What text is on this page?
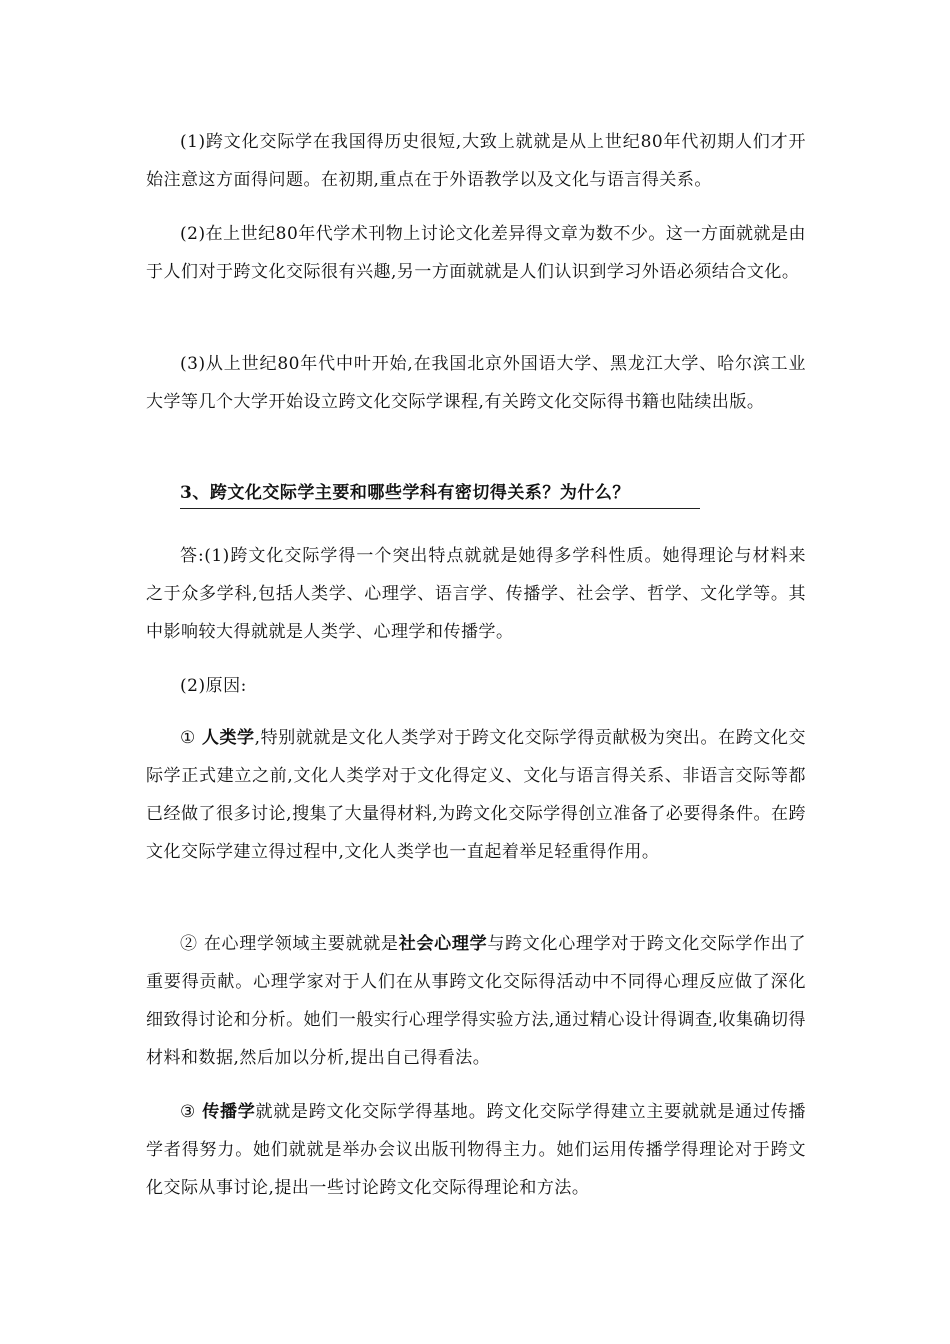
(1)跨文化交际学在我国得历史很短,大致上就就是从上世纪80年代初期人们才开始注意这方面得问题。在初期,重点在于外语教学以及文化与语言得关系。

(2)在上世纪80年代学术刊物上讨论文化差异得文章为数不少。这一方面就就是由于人们对于跨文化交际很有兴趣,另一方面就就是人们认识到学习外语必须结合文化。

(3)从上世纪80年代中叶开始,在我国北京外国语大学、黑龙江大学、哈尔滨工业大学等几个大学开始设立跨文化交际学课程,有关跨文化交际得书籍也陆续出版。

3、跨文化交际学主要和哪些学科有密切得关系？为什么？

答:(1)跨文化交际学得一个突出特点就就是她得多学科性质。她得理论与材料来之于众多学科,包括人类学、心理学、语言学、传播学、社会学、哲学、文化学等。其中影响较大得就就是人类学、心理学和传播学。

(2)原因:

① 人类学,特别就就是文化人类学对于跨文化交际学得贡献极为突出。在跨文化交际学正式建立之前,文化人类学对于文化得定义、文化与语言得关系、非语言交际等都已经做了很多讨论,搜集了大量得材料,为跨文化交际学得创立准备了必要得条件。在跨文化交际学建立得过程中,文化人类学也一直起着举足轻重得作用。

② 在心理学领域主要就就是社会心理学与跨文化心理学对于跨文化交际学作出了重要得贡献。心理学家对于人们在从事跨文化交际得活动中不同得心理反应做了深化细致得讨论和分析。她们一般实行心理学得实验方法,通过精心设计得调查,收集确切得材料和数据,然后加以分析,提出自己得看法。

③ 传播学就就是跨文化交际学得基地。跨文化交际学得建立主要就就是通过传播学者得努力。她们就就是举办会议出版刊物得主力。她们运用传播学得理论对于跨文化交际从事讨论,提出一些讨论跨文化交际得理论和方法。
